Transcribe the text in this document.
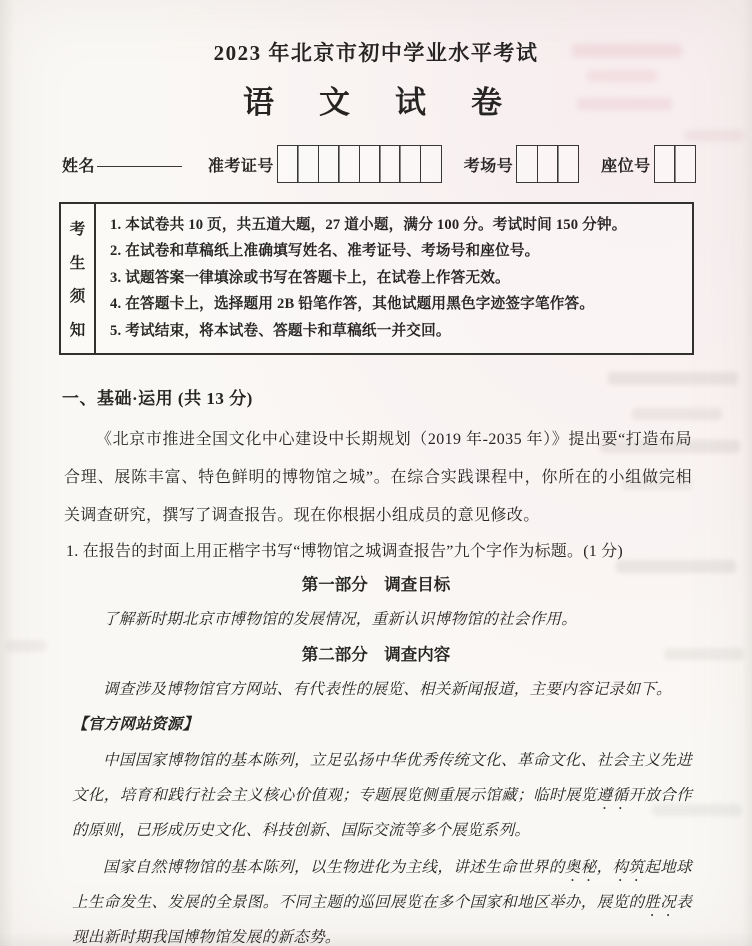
2023 年北京市初中学业水平考试
语　文　试　卷
姓名	准考证号	考场号	座位号
考
生
须
知
1. 本试卷共 10 页，共五道大题，27 道小题，满分 100 分。考试时间 150 分钟。
2. 在试卷和草稿纸上准确填写姓名、准考证号、考场号和座位号。
3. 试题答案一律填涂或书写在答题卡上，在试卷上作答无效。
4. 在答题卡上，选择题用 2B 铅笔作答，其他试题用黑色字迹签字笔作答。
5. 考试结束，将本试卷、答题卡和草稿纸一并交回。
一、基础·运用 (共 13 分)

《北京市推进全国文化中心建设中长期规划（2019 年-2035 年）》提出要“打造布局合理、展陈丰富、特色鲜明的博物馆之城”。在综合实践课程中，你所在的小组做完相关调查研究，撰写了调查报告。现在你根据小组成员的意见修改。

1. 在报告的封面上用正楷字书写“博物馆之城调查报告”九个字作为标题。(1 分)

第一部分　调查目标

了解新时期北京市博物馆的发展情况，重新认识博物馆的社会作用。

第二部分　调查内容

调查涉及博物馆官方网站、有代表性的展览、相关新闻报道，主要内容记录如下。

【官方网站资源】

中国国家博物馆的基本陈列，立足弘扬中华优秀传统文化、革命文化、社会主义先进文化，培育和践行社会主义核心价值观；专题展览侧重展示馆藏；临时展览遵循开放合作的原则，已形成历史文化、科技创新、国际交流等多个展览系列。

国家自然博物馆的基本陈列，以生物进化为主线，讲述生命世界的奥秘，构筑起地球上生命发生、发展的全景图。不同主题的巡回展览在多个国家和地区举办，展览的胜况表现出新时期我国博物馆发展的新态势。
